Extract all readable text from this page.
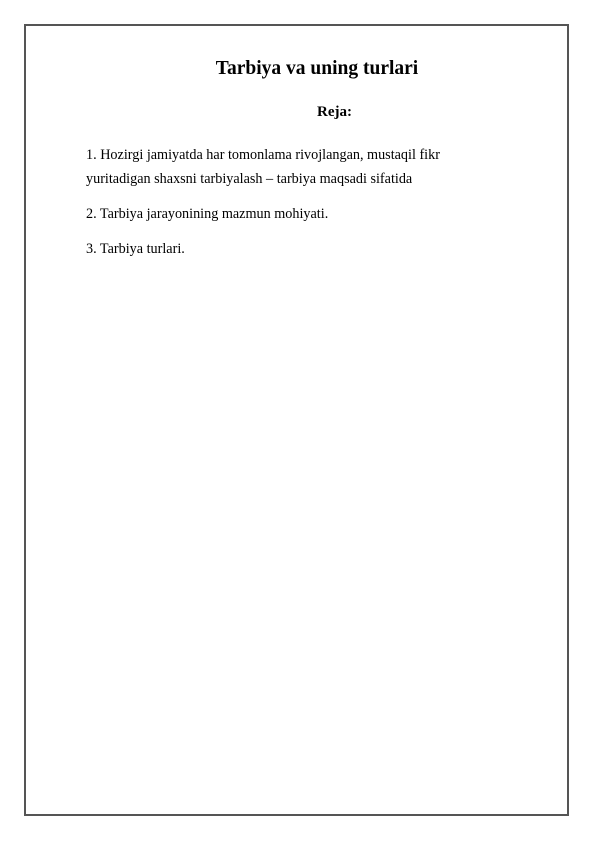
Tarbiya va uning turlari
Reja:
1. Hozirgi jamiyatda har tomonlama rivojlangan, mustaqil fikr
yuritadigan shaxsni tarbiyalash – tarbiya maqsadi sifatida
2. Tarbiya jarayonining mazmun mohiyati.
3. Tarbiya turlari.
